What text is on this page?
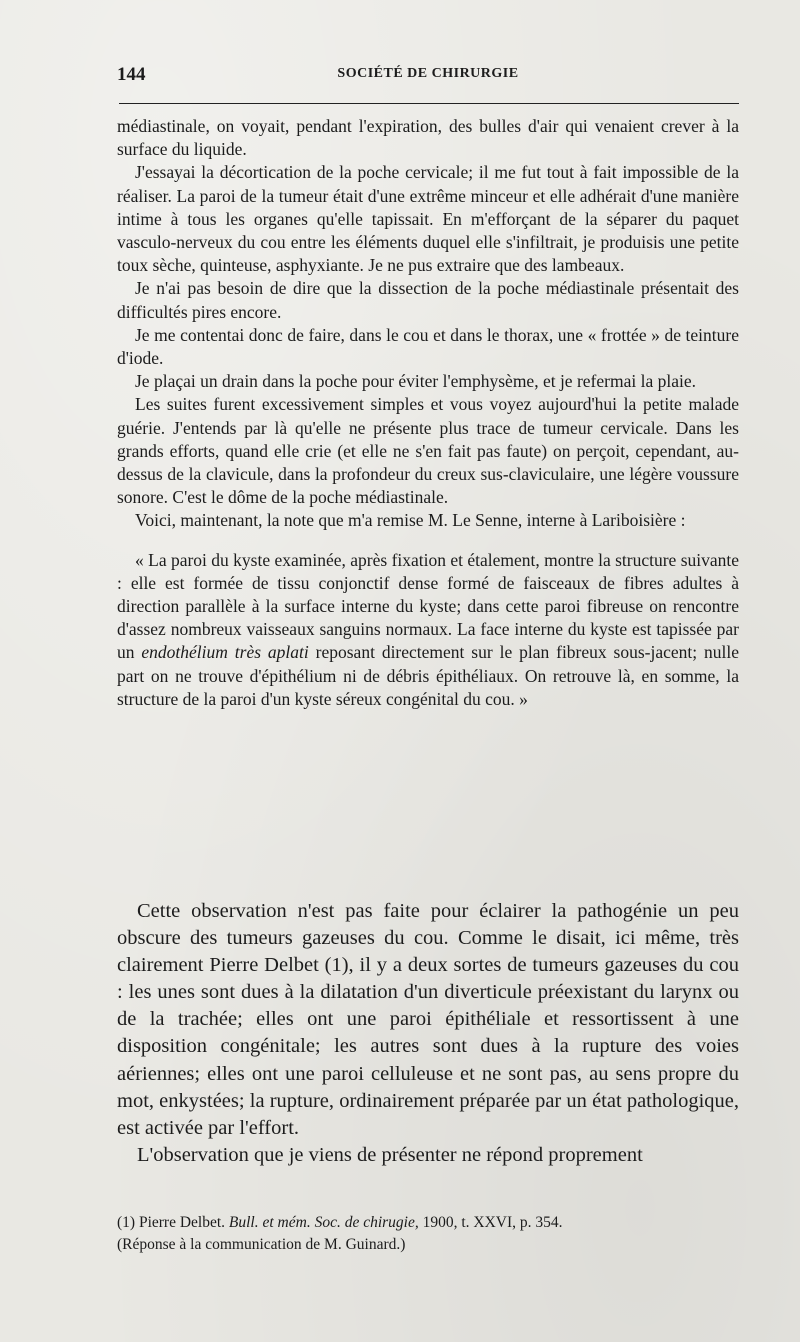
144	SOCIÉTÉ DE CHIRURGIE

médiastinale, on voyait, pendant l'expiration, des bulles d'air qui venaient crever à la surface du liquide.

J'essayai la décortication de la poche cervicale; il me fut tout à fait impossible de la réaliser. La paroi de la tumeur était d'une extrême minceur et elle adhérait d'une manière intime à tous les organes qu'elle tapissait. En m'efforçant de la séparer du paquet vasculo-nerveux du cou entre les éléments duquel elle s'infiltrait, je produisis une petite toux sèche, quinteuse, asphyxiante. Je ne pus extraire que des lambeaux.

Je n'ai pas besoin de dire que la dissection de la poche médiastinale présentait des difficultés pires encore.

Je me contentai donc de faire, dans le cou et dans le thorax, une « frottée » de teinture d'iode.

Je plaçai un drain dans la poche pour éviter l'emphysème, et je refermai la plaie.

Les suites furent excessivement simples et vous voyez aujourd'hui la petite malade guérie. J'entends par là qu'elle ne présente plus trace de tumeur cervicale. Dans les grands efforts, quand elle crie (et elle ne s'en fait pas faute) on perçoit, cependant, au-dessus de la clavicule, dans la profondeur du creux sus-claviculaire, une légère voussure sonore. C'est le dôme de la poche médiastinale.

Voici, maintenant, la note que m'a remise M. Le Senne, interne à Lariboisière :

« La paroi du kyste examinée, après fixation et étalement, montre la structure suivante : elle est formée de tissu conjonctif dense formé de faisceaux de fibres adultes à direction parallèle à la surface interne du kyste; dans cette paroi fibreuse on rencontre d'assez nombreux vaisseaux sanguins normaux. La face interne du kyste est tapissée par un endothélium très aplati reposant directement sur le plan fibreux sous-jacent; nulle part on ne trouve d'épithélium ni de débris épithéliaux. On retrouve là, en somme, la structure de la paroi d'un kyste séreux congénital du cou. »

Cette observation n'est pas faite pour éclairer la pathogénie un peu obscure des tumeurs gazeuses du cou. Comme le disait, ici même, très clairement Pierre Delbet (1), il y a deux sortes de tumeurs gazeuses du cou : les unes sont dues à la dilatation d'un diverticule préexistant du larynx ou de la trachée; elles ont une paroi épithéliale et ressortissent à une disposition congénitale; les autres sont dues à la rupture des voies aériennes; elles ont une paroi celluleuse et ne sont pas, au sens propre du mot, enkystées; la rupture, ordinairement préparée par un état pathologique, est activée par l'effort.

L'observation que je viens de présenter ne répond proprement

(1) Pierre Delbet. Bull. et mém. Soc. de chirugie, 1900, t. XXVI, p. 354.

(Réponse à la communication de M. Guinard.)
